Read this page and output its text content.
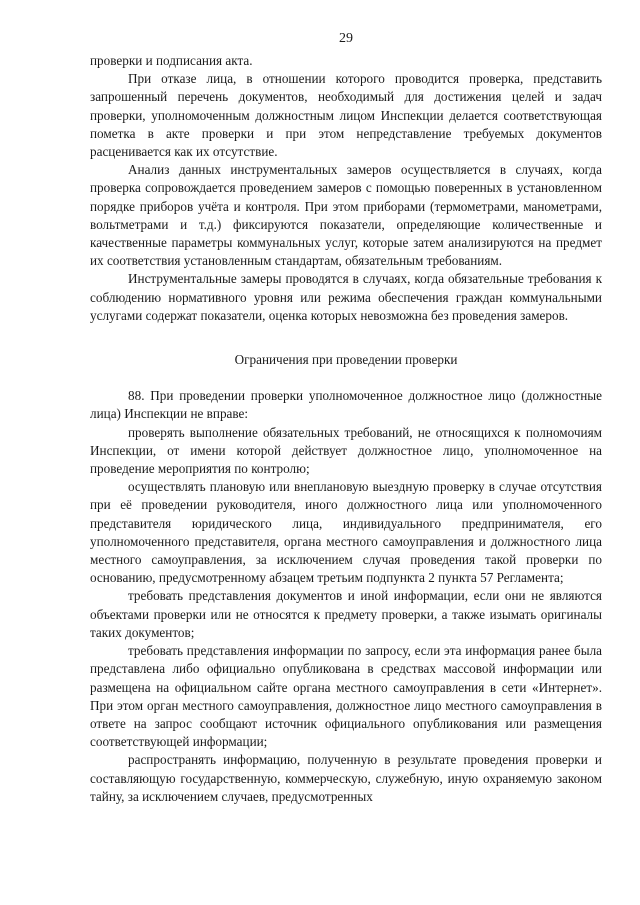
29

проверки и подписания акта.

При отказе лица, в отношении которого проводится проверка, представить запрошенный перечень документов, необходимый для достижения целей и задач проверки, уполномоченным должностным лицом Инспекции делается соответствующая пометка в акте проверки и при этом непредставление требуемых документов расценивается как их отсутствие.

Анализ данных инструментальных замеров осуществляется в случаях, когда проверка сопровождается проведением замеров с помощью поверенных в установленном порядке приборов учёта и контроля. При этом приборами (термометрами, манометрами, вольтметрами и т.д.) фиксируются показатели, определяющие количественные и качественные параметры коммунальных услуг, которые затем анализируются на предмет их соответствия установленным стандартам, обязательным требованиям.

Инструментальные замеры проводятся в случаях, когда обязательные требования к соблюдению нормативного уровня или режима обеспечения граждан коммунальными услугами содержат показатели, оценка которых невозможна без проведения замеров.

Ограничения при проведении проверки

88. При проведении проверки уполномоченное должностное лицо (должностные лица) Инспекции не вправе:

проверять выполнение обязательных требований, не относящихся к полномочиям Инспекции, от имени которой действует должностное лицо, уполномоченное на проведение мероприятия по контролю;

осуществлять плановую или внеплановую выездную проверку в случае отсутствия при её проведении руководителя, иного должностного лица или уполномоченного представителя юридического лица, индивидуального предпринимателя, его уполномоченного представителя, органа местного самоуправления и должностного лица местного самоуправления, за исключением случая проведения такой проверки по основанию, предусмотренному абзацем третьим подпункта 2 пункта 57 Регламента;

требовать представления документов и иной информации, если они не являются объектами проверки или не относятся к предмету проверки, а также изымать оригиналы таких документов;

требовать представления информации по запросу, если эта информация ранее была представлена либо официально опубликована в средствах массовой информации или размещена на официальном сайте органа местного самоуправления в сети «Интернет». При этом орган местного самоуправления, должностное лицо местного самоуправления в ответе на запрос сообщают источник официального опубликования или размещения соответствующей информации;

распространять информацию, полученную в результате проведения проверки и составляющую государственную, коммерческую, служебную, иную охраняемую законом тайну, за исключением случаев, предусмотренных
